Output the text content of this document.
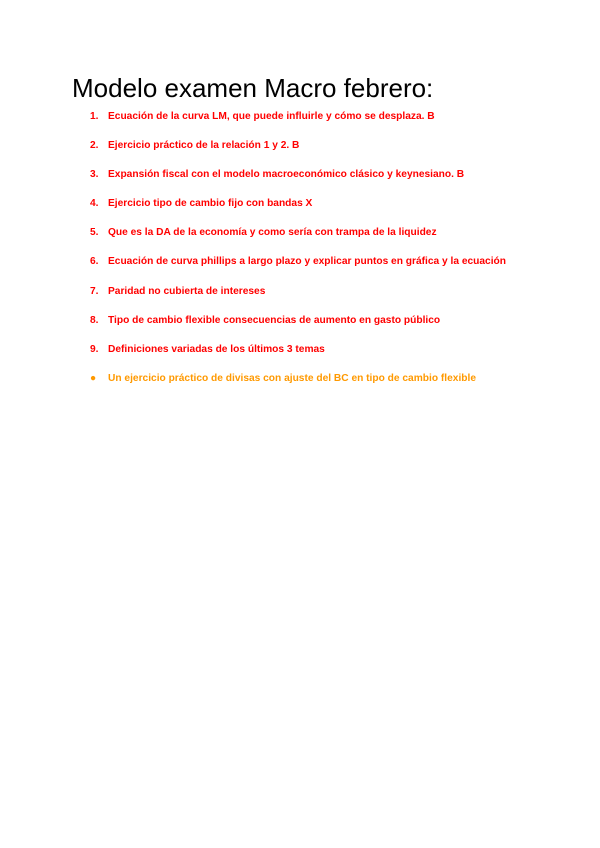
Modelo examen Macro febrero:
1. Ecuación de la curva LM, que puede influirle y cómo se desplaza. B
2. Ejercicio práctico de la relación 1 y 2. B
3. Expansión fiscal con el modelo macroeconómico clásico y keynesiano. B
4. Ejercicio tipo de cambio fijo con bandas X
5. Que es la DA de la economía y como sería con trampa de la liquidez
6. Ecuación de curva phillips a largo plazo y explicar puntos en gráfica y la ecuación
7. Paridad no cubierta de intereses
8. Tipo de cambio flexible consecuencias de aumento en gasto público
9. Definiciones variadas de los últimos 3 temas
●	Un ejercicio práctico de divisas con ajuste del BC en tipo de cambio flexible
